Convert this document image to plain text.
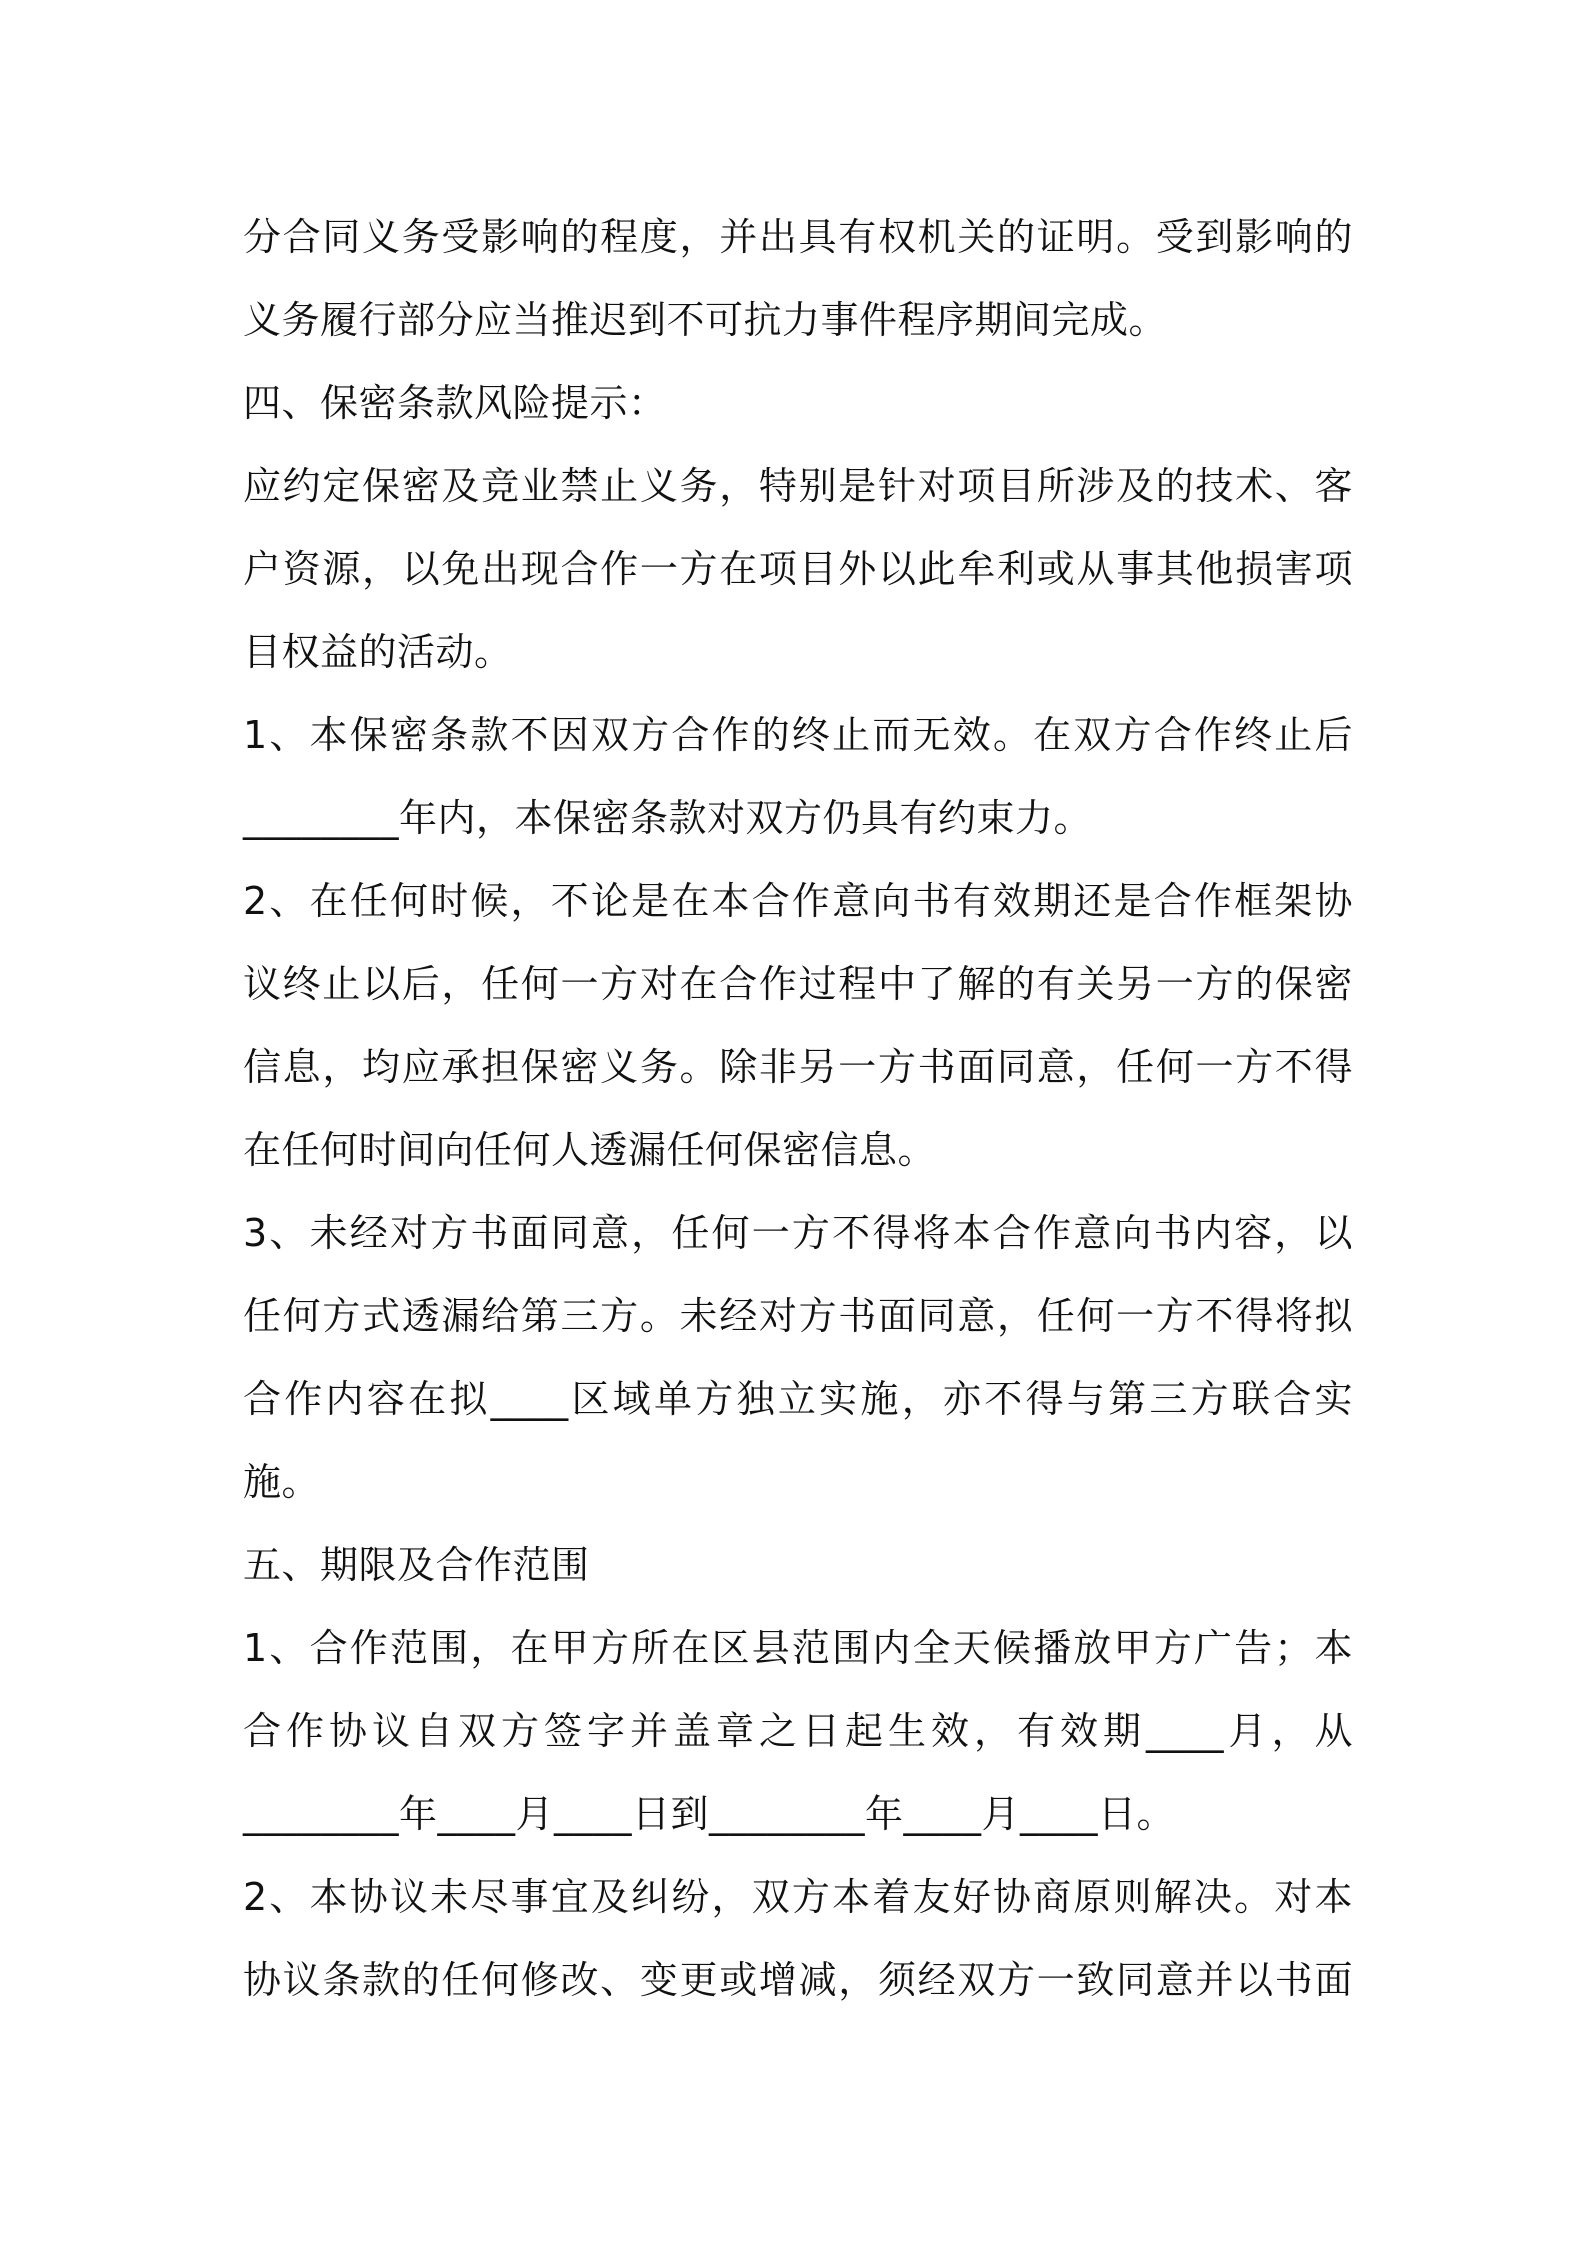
分合同义务受影响的程度，并出具有权机关的证明。受到影响的
义务履行部分应当推迟到不可抗力事件程序期间完成。
四、保密条款风险提示：
应约定保密及竞业禁止义务，特别是针对项目所涉及的技术、客
户资源，以免出现合作一方在项目外以此牟利或从事其他损害项
目权益的活动。
1、本保密条款不因双方合作的终止而无效。在双方合作终止后
________年内，本保密条款对双方仍具有约束力。
2、在任何时候，不论是在本合作意向书有效期还是合作框架协
议终止以后，任何一方对在合作过程中了解的有关另一方的保密
信息，均应承担保密义务。除非另一方书面同意，任何一方不得
在任何时间向任何人透漏任何保密信息。
3、未经对方书面同意，任何一方不得将本合作意向书内容，以
任何方式透漏给第三方。未经对方书面同意，任何一方不得将拟
合作内容在拟____区域单方独立实施，亦不得与第三方联合实
施。
五、期限及合作范围
1、合作范围，在甲方所在区县范围内全天候播放甲方广告；本
合作协议自双方签字并盖章之日起生效，有效期____月，从
________年____月____日到________年____月____日。
2、本协议未尽事宜及纠纷，双方本着友好协商原则解决。对本
协议条款的任何修改、变更或增减，须经双方一致同意并以书面
